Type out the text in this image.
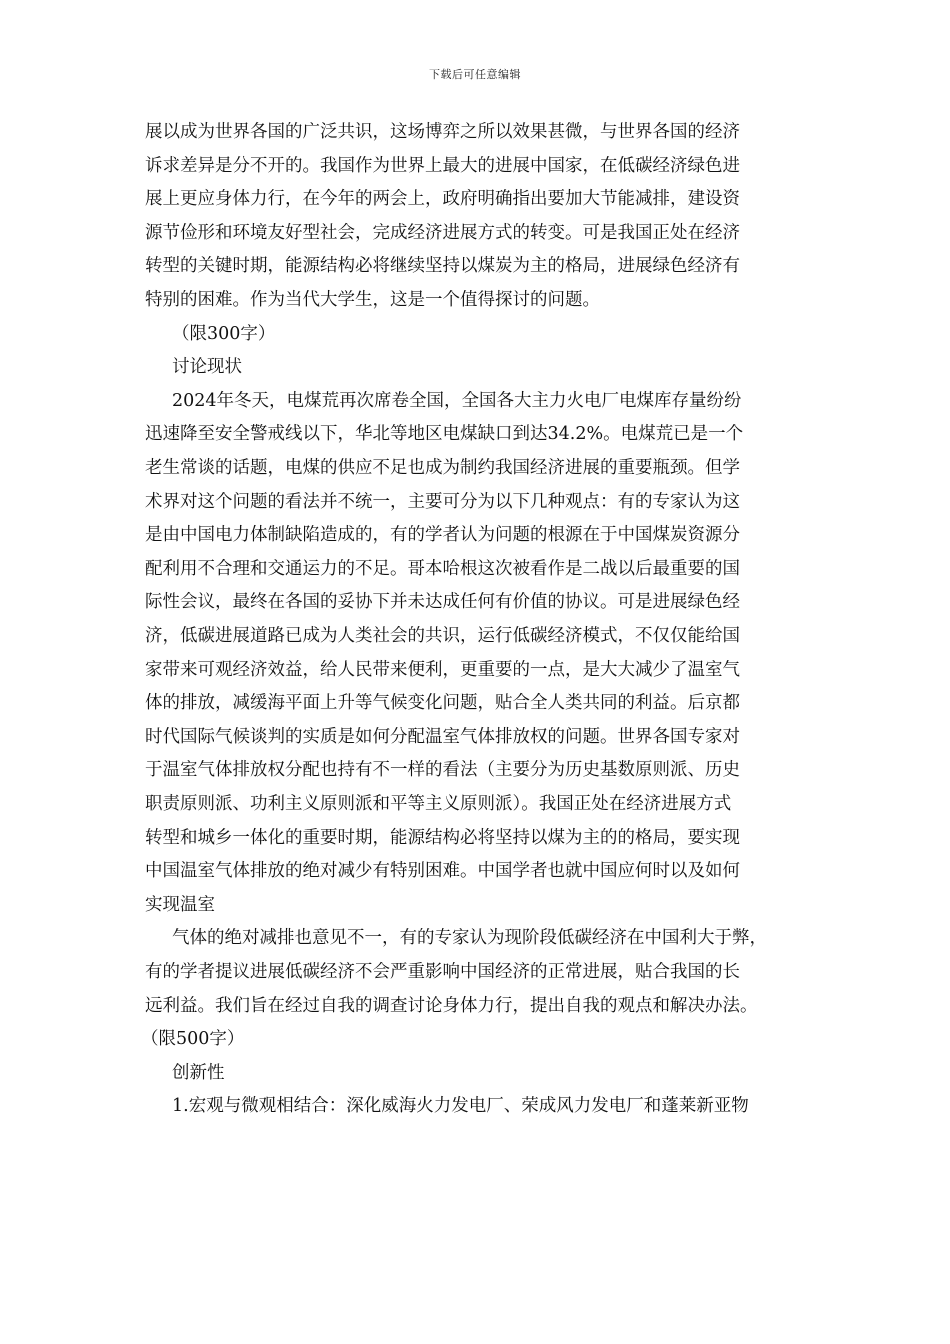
下载后可任意编辑
展以成为世界各国的广泛共识，这场博弈之所以效果甚微，与世界各国的经济
诉求差异是分不开的。我国作为世界上最大的进展中国家，在低碳经济绿色进
展上更应身体力行，在今年的两会上，政府明确指出要加大节能减排，建设资
源节俭形和环境友好型社会，完成经济进展方式的转变。可是我国正处在经济
转型的关键时期，能源结构必将继续坚持以煤炭为主的格局，进展绿色经济有
特别的困难。作为当代大学生，这是一个值得探讨的问题。
（限300字）
讨论现状
2024年冬天，电煤荒再次席卷全国，全国各大主力火电厂电煤库存量纷纷
迅速降至安全警戒线以下，华北等地区电煤缺口到达34.2%。电煤荒已是一个
老生常谈的话题，电煤的供应不足也成为制约我国经济进展的重要瓶颈。但学
术界对这个问题的看法并不统一，主要可分为以下几种观点：有的专家认为这
是由中国电力体制缺陷造成的，有的学者认为问题的根源在于中国煤炭资源分
配利用不合理和交通运力的不足。哥本哈根这次被看作是二战以后最重要的国
际性会议，最终在各国的妥协下并未达成任何有价值的协议。可是进展绿色经
济，低碳进展道路已成为人类社会的共识，运行低碳经济模式，不仅仅能给国
家带来可观经济效益，给人民带来便利，更重要的一点，是大大减少了温室气
体的排放，减缓海平面上升等气候变化问题，贴合全人类共同的利益。后京都
时代国际气候谈判的实质是如何分配温室气体排放权的问题。世界各国专家对
于温室气体排放权分配也持有不一样的看法（主要分为历史基数原则派、历史
职责原则派、功利主义原则派和平等主义原则派）。我国正处在经济进展方式
转型和城乡一体化的重要时期，能源结构必将坚持以煤为主的的格局，要实现
中国温室气体排放的绝对减少有特别困难。中国学者也就中国应何时以及如何
实现温室
气体的绝对减排也意见不一，有的专家认为现阶段低碳经济在中国利大于弊，
有的学者提议进展低碳经济不会严重影响中国经济的正常进展，贴合我国的长
远利益。我们旨在经过自我的调查讨论身体力行，提出自我的观点和解决办法。
（限500字）
创新性
1.宏观与微观相结合：深化威海火力发电厂、荣成风力发电厂和蓬莱新亚物
